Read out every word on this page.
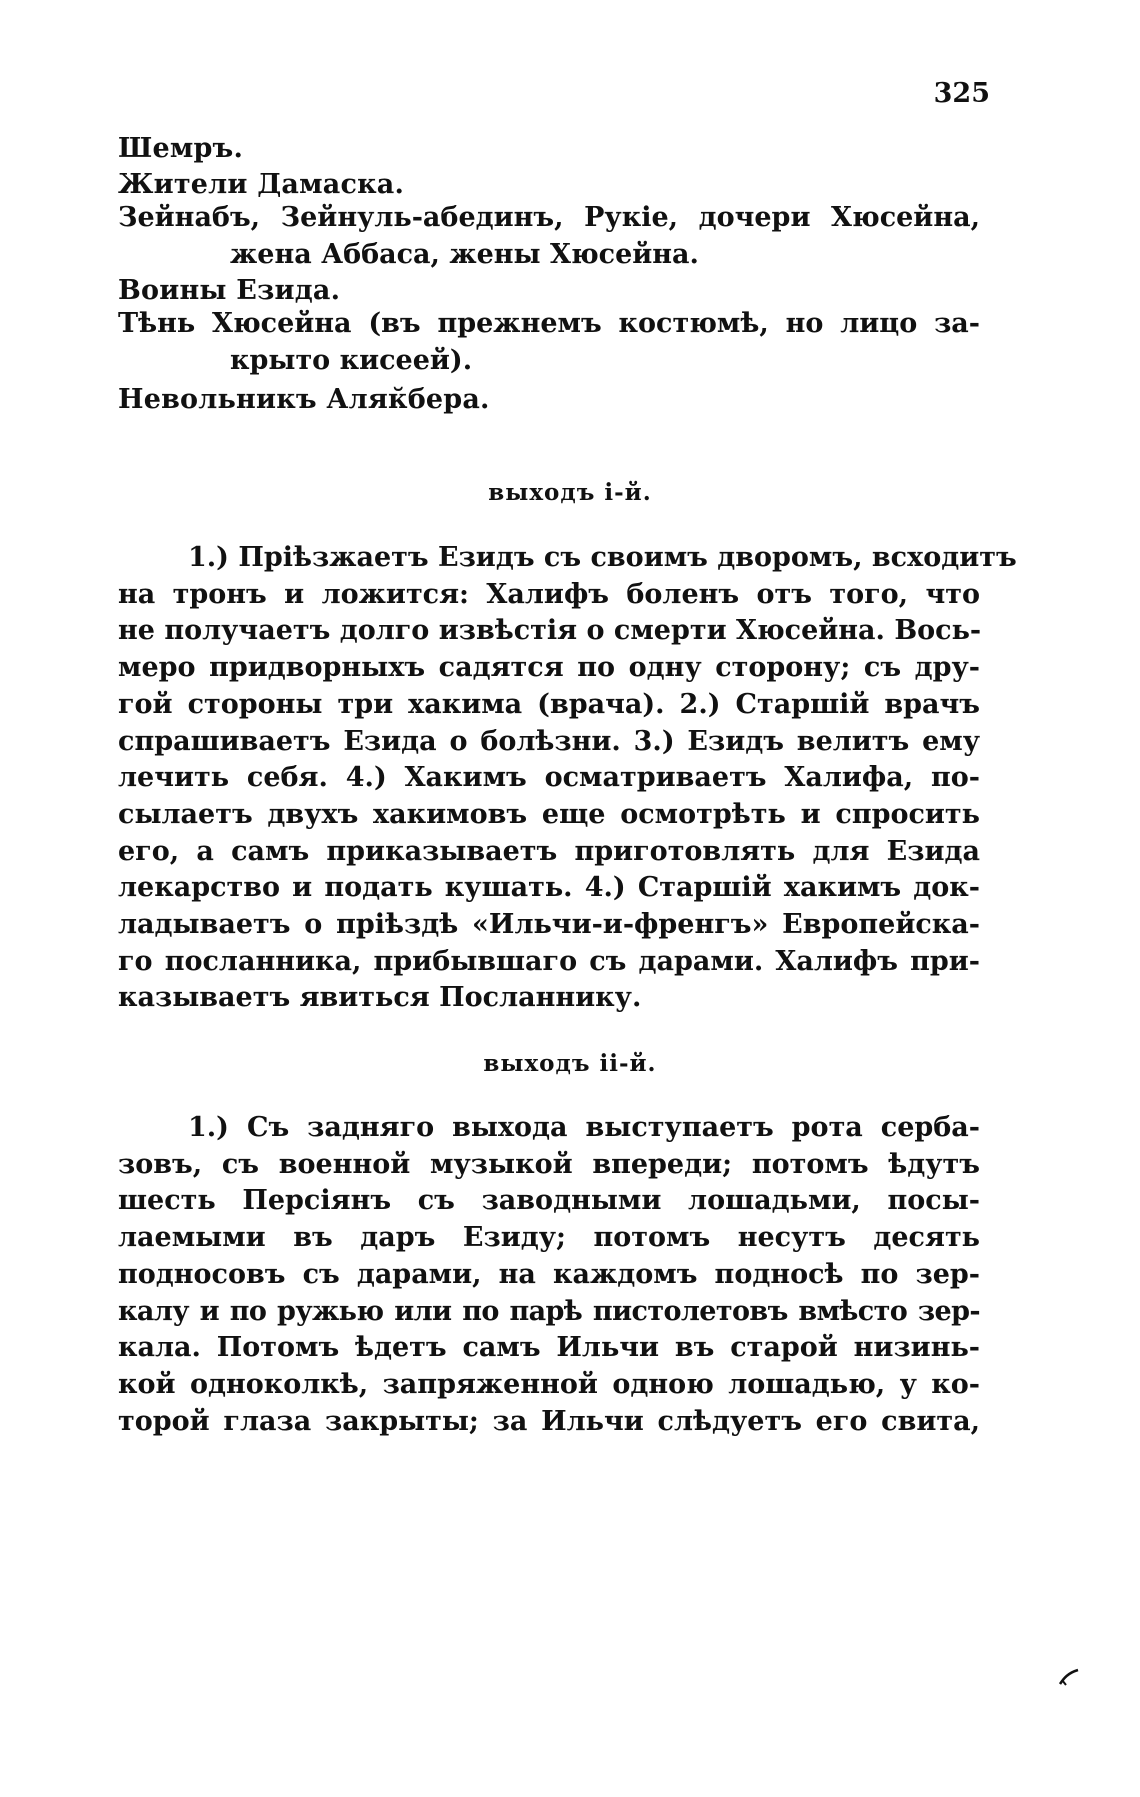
325
Шемръ.
Жители Дамаска.
Зейнабъ, Зейнуль-абединъ, Рукіе, дочери Хюсейна,
жена Аббаса, жены Хюсейна.
Воины Езида.
Тѣнь Хюсейна (въ прежнемъ костюмѣ, но лицо за-
крыто кисеей).
Невольникъ Аляк̆бера.
выходъ і-й.

1.) Пріѣзжаетъ Езидъ съ своимъ дворомъ, всходитъ

на тронъ и ложится: Халифъ боленъ отъ того, что

не получаетъ долго извѣстія о смерти Хюсейна. Вось-

меро придворныхъ садятся по одну сторону; съ дру-

гой стороны три хакима (врача). 2.) Старшій врачъ

спрашиваетъ Езида о болѣзни. 3.) Езидъ велитъ ему

лечить себя. 4.) Хакимъ осматриваетъ Халифа, по-

сылаетъ двухъ хакимовъ еще осмотрѣть и спросить

его, а самъ приказываетъ приготовлять для Езида

лекарство и подать кушать. 4.) Старшій хакимъ док-

ладываетъ о пріѣздѣ «Ильчи-и-френгъ» Европейска-

го посланника, прибывшаго съ дарами. Халифъ при-

казываетъ явиться Посланнику.

выходъ іі-й.

1.) Съ задняго выхода выступаетъ рота серба-

зовъ, съ военной музыкой впереди; потомъ ѣдутъ

шесть Персіянъ съ заводными лошадьми, посы-

лаемыми въ даръ Езиду; потомъ несутъ десять

подносовъ съ дарами, на каждомъ подносѣ по зер-

калу и по ружью или по парѣ пистолетовъ вмѣсто зер-

кала. Потомъ ѣдетъ самъ Ильчи въ старой низинь-

кой одноколкѣ, запряженной одною лошадью, у ко-

торой глаза закрыты; за Ильчи слѣдуетъ его свита,
